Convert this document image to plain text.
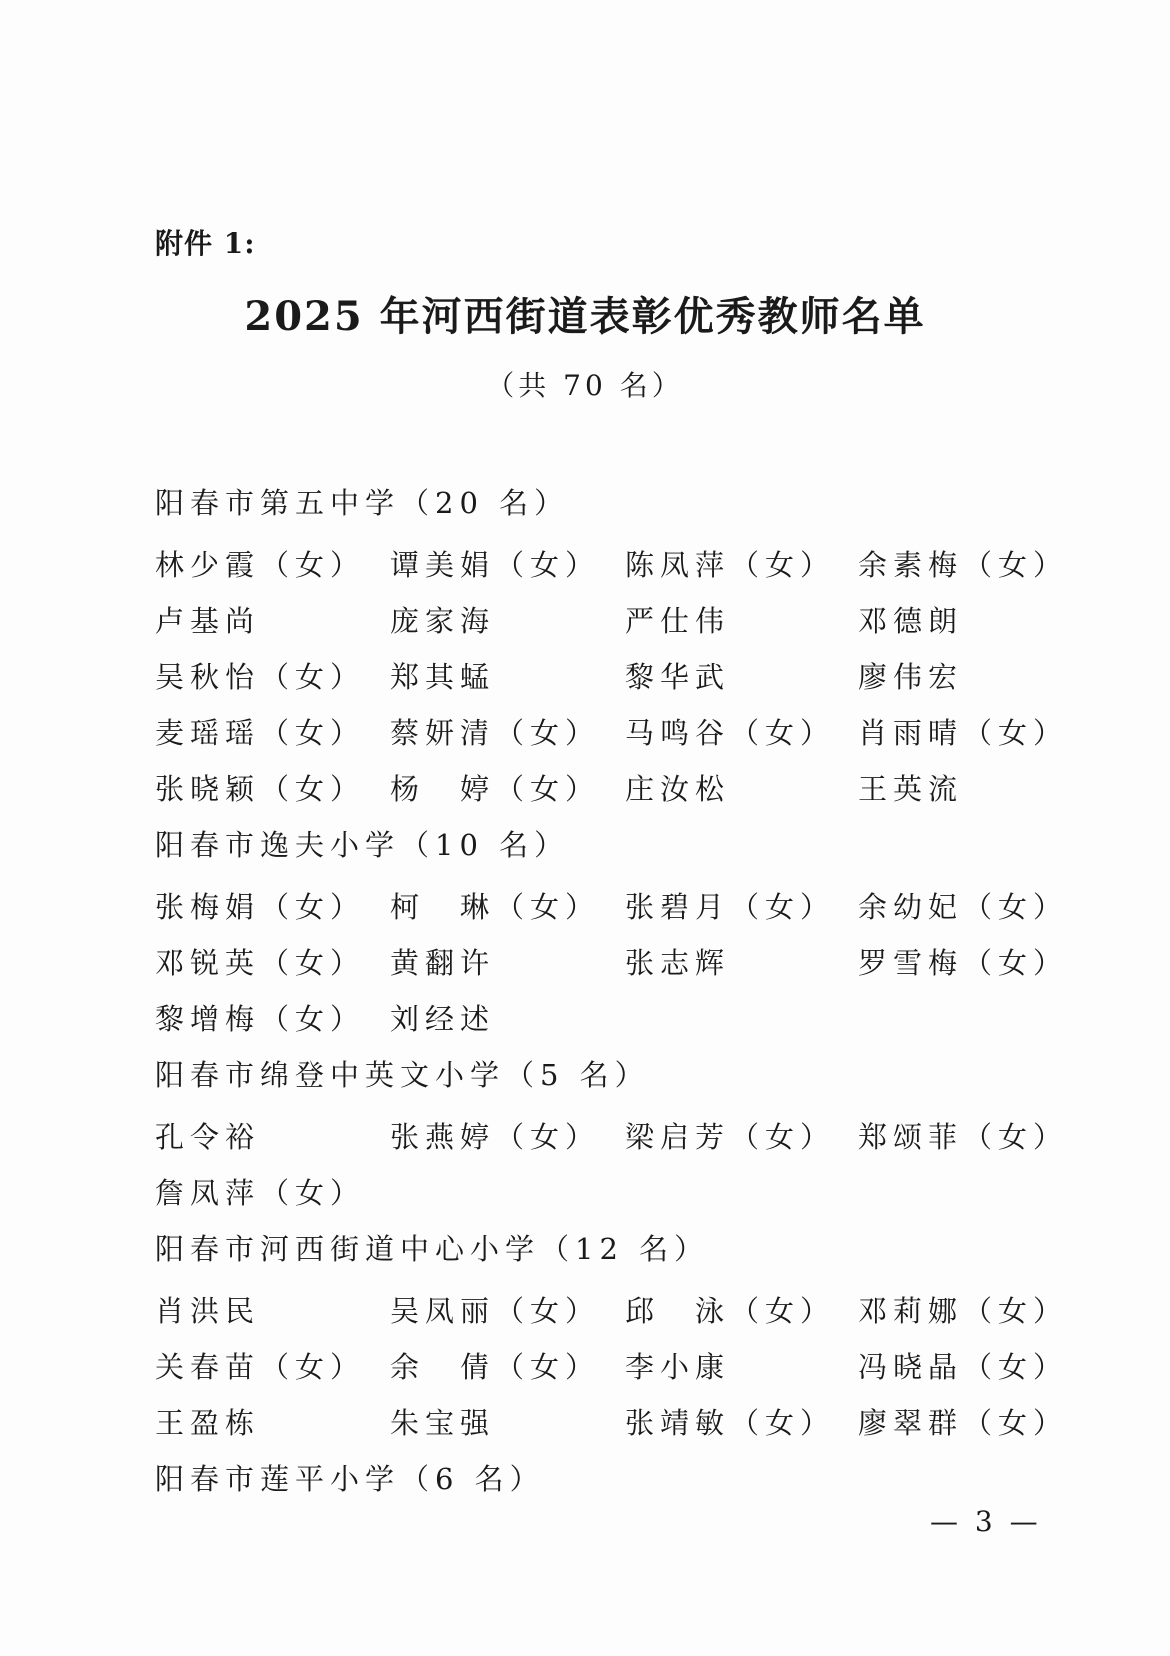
附件 1:
2025 年河西街道表彰优秀教师名单
（共 70 名）
阳春市第五中学（20 名）
林少霞（女） 谭美娟（女） 陈凤萍（女） 余素梅（女）
卢基尚	庞家海	严仕伟	邓德朗
吴秋怡（女） 郑其蜢	黎华武	廖伟宏
麦瑶瑶（女） 蔡妍清（女） 马鸣谷（女） 肖雨晴（女）
张晓颖（女） 杨　婷（女） 庄汝松	王英流
阳春市逸夫小学（10 名）
张梅娟（女） 柯　琳（女） 张碧月（女） 余幼妃（女）
邓锐英（女） 黄翻许	张志辉	罗雪梅（女）
黎增梅（女） 刘经述
阳春市绵登中英文小学（5 名）
孔令裕	张燕婷（女） 梁启芳（女） 郑颂菲（女）
詹凤萍（女）
阳春市河西街道中心小学（12 名）
肖洪民	吴凤丽（女） 邱　泳（女） 邓莉娜（女）
关春苗（女） 余　倩（女） 李小康	冯晓晶（女）
王盈栋	朱宝强	张靖敏（女） 廖翠群（女）
阳春市莲平小学（6 名）
— 3 —
